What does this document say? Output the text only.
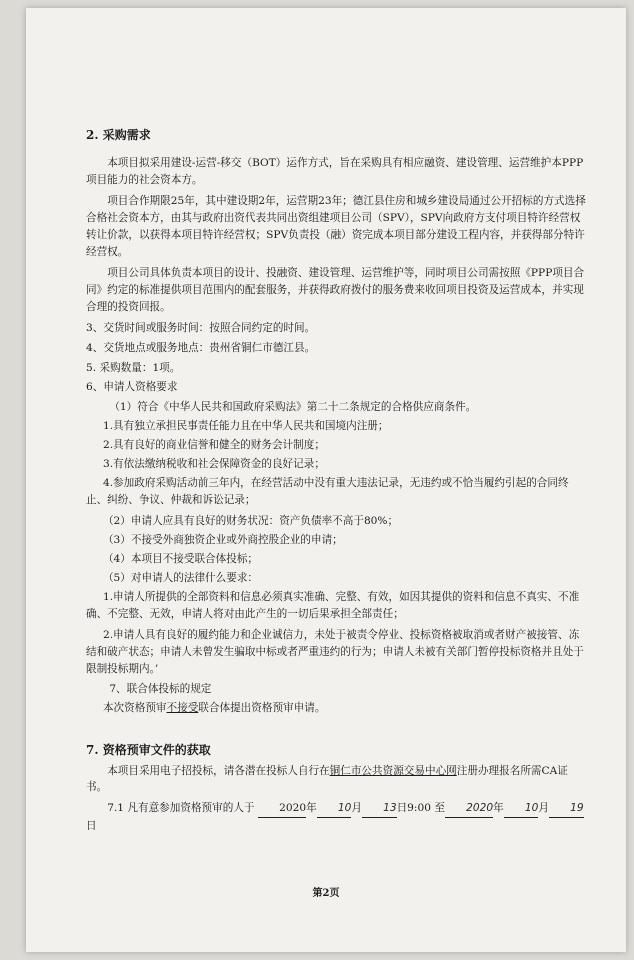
2. 采购需求
本项目拟采用建设-运营-移交（BOT）运作方式，旨在采购具有相应融资、建设管理、运营维护本PPP项目能力的社会资本方。
项目合作期限25年，其中建设期2年，运营期23年；德江县住房和城乡建设局通过公开招标的方式选择合格社会资本方，由其与政府出资代表共同出资组建项目公司（SPV），SPV向政府方支付项目特许经营权转让价款，以获得本项目特许经营权；SPV负责投（融）资完成本项目部分建设工程内容，并获得部分特许经营权。
项目公司具体负责本项目的设计、投融资、建设管理、运营维护等，同时项目公司需按照《PPP项目合同》约定的标准提供项目范围内的配套服务，并获得政府拨付的服务费来收回项目投资及运营成本，并实现合理的投资回报。
3、交货时间或服务时间：按照合同约定的时间。
4、交货地点或服务地点：贵州省铜仁市德江县。
5. 采购数量：1项。
6、申请人资格要求
（1）符合《中华人民共和国政府采购法》第二十二条规定的合格供应商条件。
1.具有独立承担民事责任能力且在中华人民共和国境内注册；
2.具有良好的商业信誉和健全的财务会计制度；
3.有依法缴纳税收和社会保障资金的良好记录；
4.参加政府采购活动前三年内，在经营活动中没有重大违法记录，无违约或不恰当履约引起的合同终止、纠纷、争议、仲裁和诉讼记录；
（2）申请人应具有良好的财务状况：资产负债率不高于80%；
（3）不接受外商独资企业或外商控股企业的申请；
（4）本项目不接受联合体投标；
（5）对申请人的法律什么要求：
1.申请人所提供的全部资料和信息必须真实准确、完整、有效，如因其提供的资料和信息不真实、不准确、不完整、无效，申请人将对由此产生的一切后果承担全部责任；
2.申请人具有良好的履约能力和企业诚信力，未处于被责令停业、投标资格被取消或者财产被接管、冻结和破产状态；申请人未曾发生骗取中标或者严重违约的行为；申请人未被有关部门暂停投标资格并且处于限制投标期内。’
7、联合体投标的规定
本次资格预审不接受联合体提出资格预审申请。
7. 资格预审文件的获取
本项目采用电子招投标，请各潜在投标人自行在铜仁市公共资源交易中心网注册办理报名所需CA证书。
7.1 凡有意参加资格预审的人于 2020年 10月 13日9:00 至 2020年 10月 19日
第2页
